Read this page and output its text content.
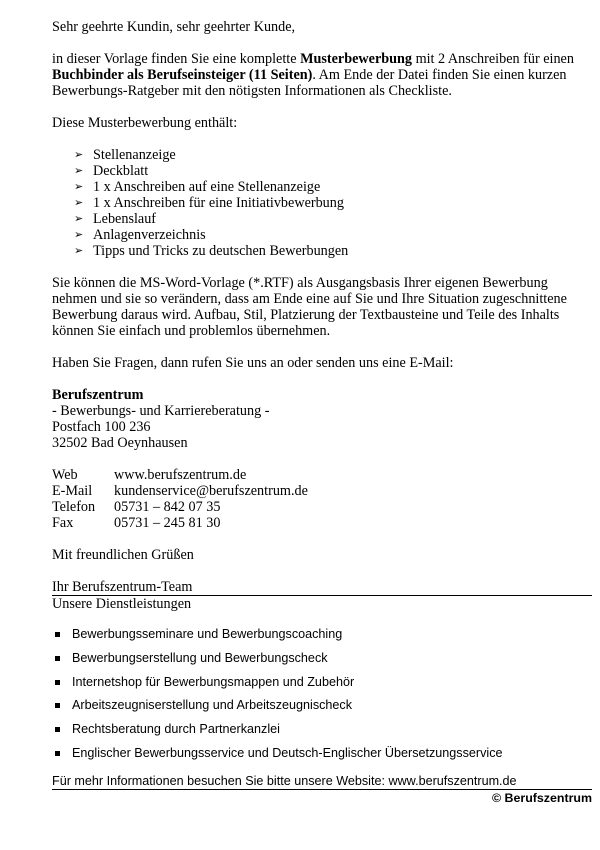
Sehr geehrte Kundin, sehr geehrter Kunde,

in dieser Vorlage finden Sie eine komplette Musterbewerbung mit 2 Anschreiben für einen Buchbinder als Berufseinsteiger (11 Seiten). Am Ende der Datei finden Sie einen kurzen Bewerbungs-Ratgeber mit den nötigsten Informationen als Checkliste.

Diese Musterbewerbung enthält:

➢ Stellenanzeige
➢ Deckblatt
➢ 1 x Anschreiben auf eine Stellenanzeige
➢ 1 x Anschreiben für eine Initiativbewerbung
➢ Lebenslauf
➢ Anlagenverzeichnis
➢ Tipps und Tricks zu deutschen Bewerbungen

Sie können die MS-Word-Vorlage (*.RTF) als Ausgangsbasis Ihrer eigenen Bewerbung nehmen und sie so verändern, dass am Ende eine auf Sie und Ihre Situation zugeschnittene Bewerbung daraus wird. Aufbau, Stil, Platzierung der Textbausteine und Teile des Inhalts können Sie einfach und problemlos übernehmen.

Haben Sie Fragen, dann rufen Sie uns an oder senden uns eine E-Mail:

Berufszentrum

- Bewerbungs- und Karriereberatung -

Postfach 100 236

32502 Bad Oeynhausen

Web	www.berufszentrum.de
E-Mail	kundenservice@berufszentrum.de
Telefon	05731 – 842 07 35
Fax	05731 – 245 81 30

Mit freundlichen Grüßen

Ihr Berufszentrum-Team

Unsere Dienstleistungen

Bewerbungsseminare und Bewerbungscoaching
Bewerbungserstellung und Bewerbungscheck
Internetshop für Bewerbungsmappen und Zubehör
Arbeitszeugniserstellung und Arbeitszeugnischeck
Rechtsberatung durch Partnerkanzlei
Englischer Bewerbungsservice und Deutsch-Englischer Übersetzungsservice

Für mehr Informationen besuchen Sie bitte unsere Website: www.berufszentrum.de

© Berufszentrum
